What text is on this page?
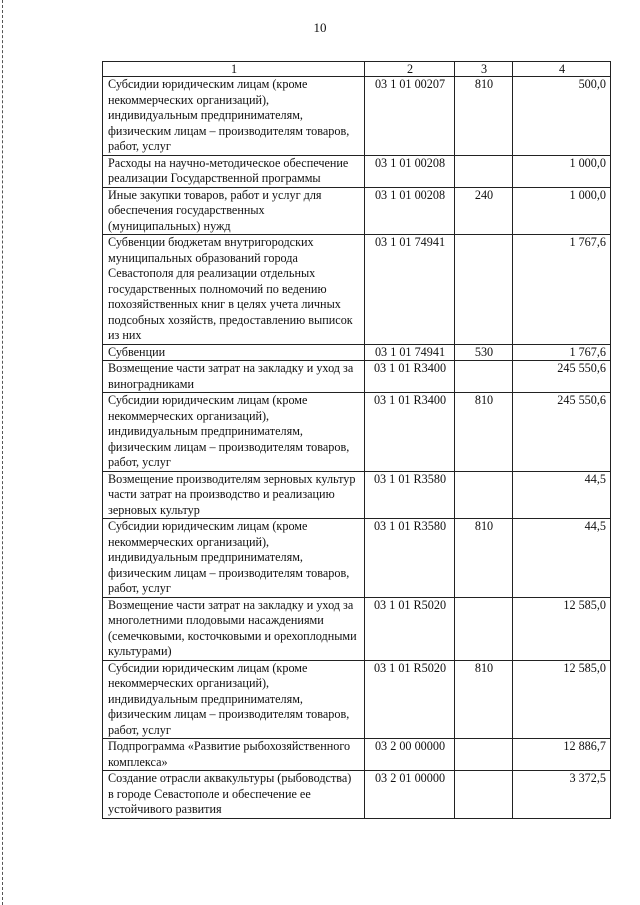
10
1	2	3	4
Субсидии юридическим лицам (кроме некоммерческих организаций), индивидуальным предпринимателям, физическим лицам – производителям товаров, работ, услуг	03 1 01 00207	810	500,0
Расходы на научно-методическое обеспечение реализации Государственной программы	03 1 01 00208		1 000,0
Иные закупки товаров, работ и услуг для обеспечения государственных (муниципальных) нужд	03 1 01 00208	240	1 000,0
Субвенции бюджетам внутригородских муниципальных образований города Севастополя для реализации отдельных государственных полномочий по ведению похозяйственных книг в целях учета личных подсобных хозяйств, предоставлению выписок из них	03 1 01 74941		1 767,6
Субвенции	03 1 01 74941	530	1 767,6
Возмещение части затрат на закладку и уход за виноградниками	03 1 01 R3400		245 550,6
Субсидии юридическим лицам (кроме некоммерческих организаций), индивидуальным предпринимателям, физическим лицам – производителям товаров, работ, услуг	03 1 01 R3400	810	245 550,6
Возмещение производителям зерновых культур части затрат на производство и реализацию зерновых культур	03 1 01 R3580		44,5
Субсидии юридическим лицам (кроме некоммерческих организаций), индивидуальным предпринимателям, физическим лицам – производителям товаров, работ, услуг	03 1 01 R3580	810	44,5
Возмещение части затрат на закладку и уход за многолетними плодовыми насаждениями (семечковыми, косточковыми и орехоплодными культурами)	03 1 01 R5020		12 585,0
Субсидии юридическим лицам (кроме некоммерческих организаций), индивидуальным предпринимателям, физическим лицам – производителям товаров, работ, услуг	03 1 01 R5020	810	12 585,0
Подпрограмма «Развитие рыбохозяйственного комплекса»	03 2 00 00000		12 886,7
Создание отрасли аквакультуры (рыбоводства) в городе Севастополе и обеспечение ее устойчивого развития	03 2 01 00000		3 372,5
